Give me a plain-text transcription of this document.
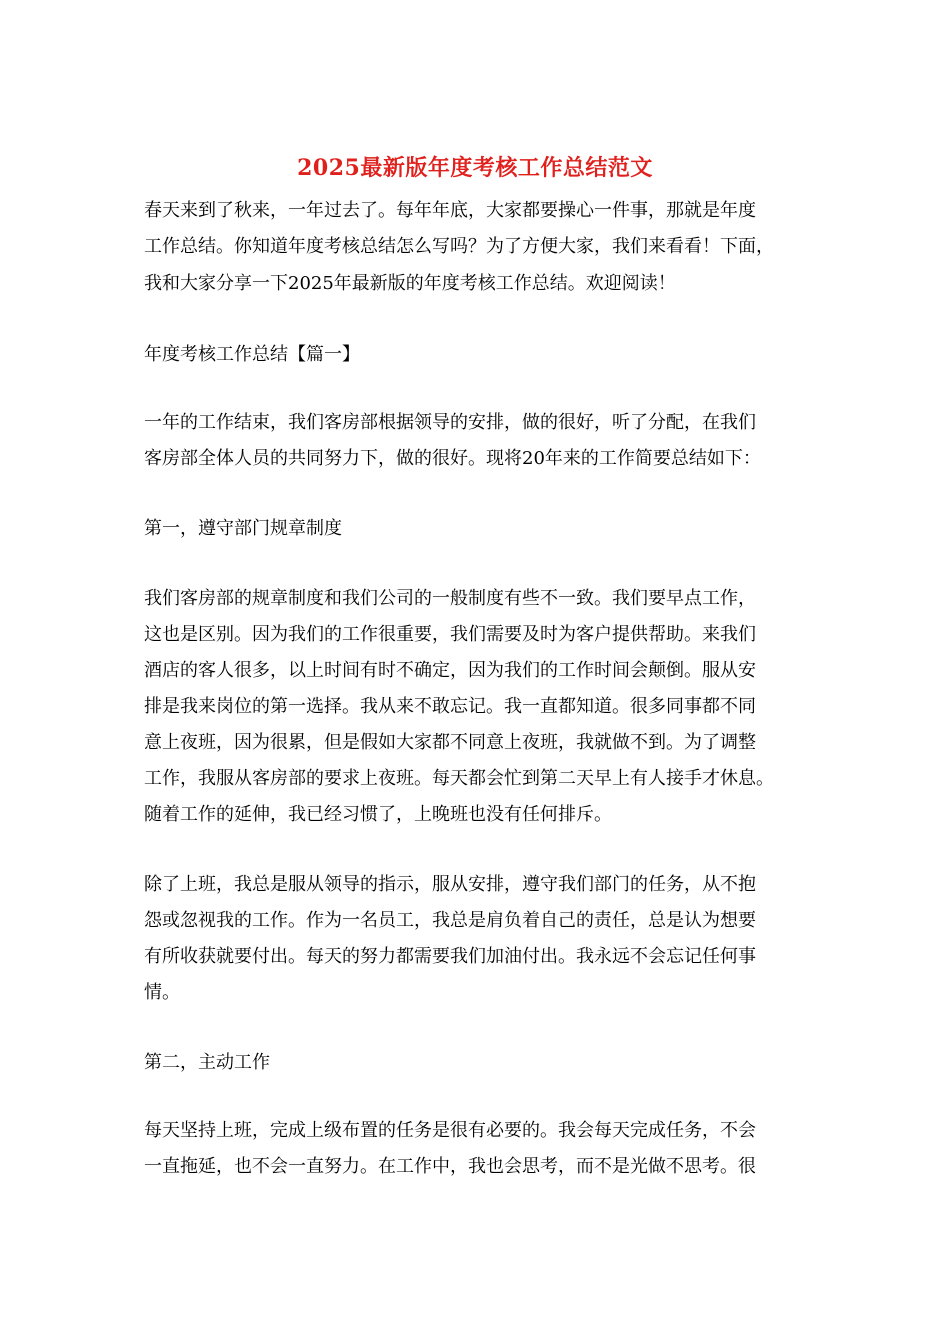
2025最新版年度考核工作总结范文

春天来到了秋来，一年过去了。每年年底，大家都要操心一件事，那就是年度

工作总结。你知道年度考核总结怎么写吗？为了方便大家，我们来看看！下面，

我和大家分享一下2025年最新版的年度考核工作总结。欢迎阅读！

年度考核工作总结【篇一】

一年的工作结束，我们客房部根据领导的安排，做的很好，听了分配，在我们

客房部全体人员的共同努力下，做的很好。现将20年来的工作简要总结如下：

第一，遵守部门规章制度

我们客房部的规章制度和我们公司的一般制度有些不一致。我们要早点工作，

这也是区别。因为我们的工作很重要，我们需要及时为客户提供帮助。来我们

酒店的客人很多，以上时间有时不确定，因为我们的工作时间会颠倒。服从安

排是我来岗位的第一选择。我从来不敢忘记。我一直都知道。很多同事都不同

意上夜班，因为很累，但是假如大家都不同意上夜班，我就做不到。为了调整

工作，我服从客房部的要求上夜班。每天都会忙到第二天早上有人接手才休息。

随着工作的延伸，我已经习惯了，上晚班也没有任何排斥。

除了上班，我总是服从领导的指示，服从安排，遵守我们部门的任务，从不抱

怨或忽视我的工作。作为一名员工，我总是肩负着自己的责任，总是认为想要

有所收获就要付出。每天的努力都需要我们加油付出。我永远不会忘记任何事

情。

第二，主动工作

每天坚持上班，完成上级布置的任务是很有必要的。我会每天完成任务，不会

一直拖延，也不会一直努力。在工作中，我也会思考，而不是光做不思考。很
